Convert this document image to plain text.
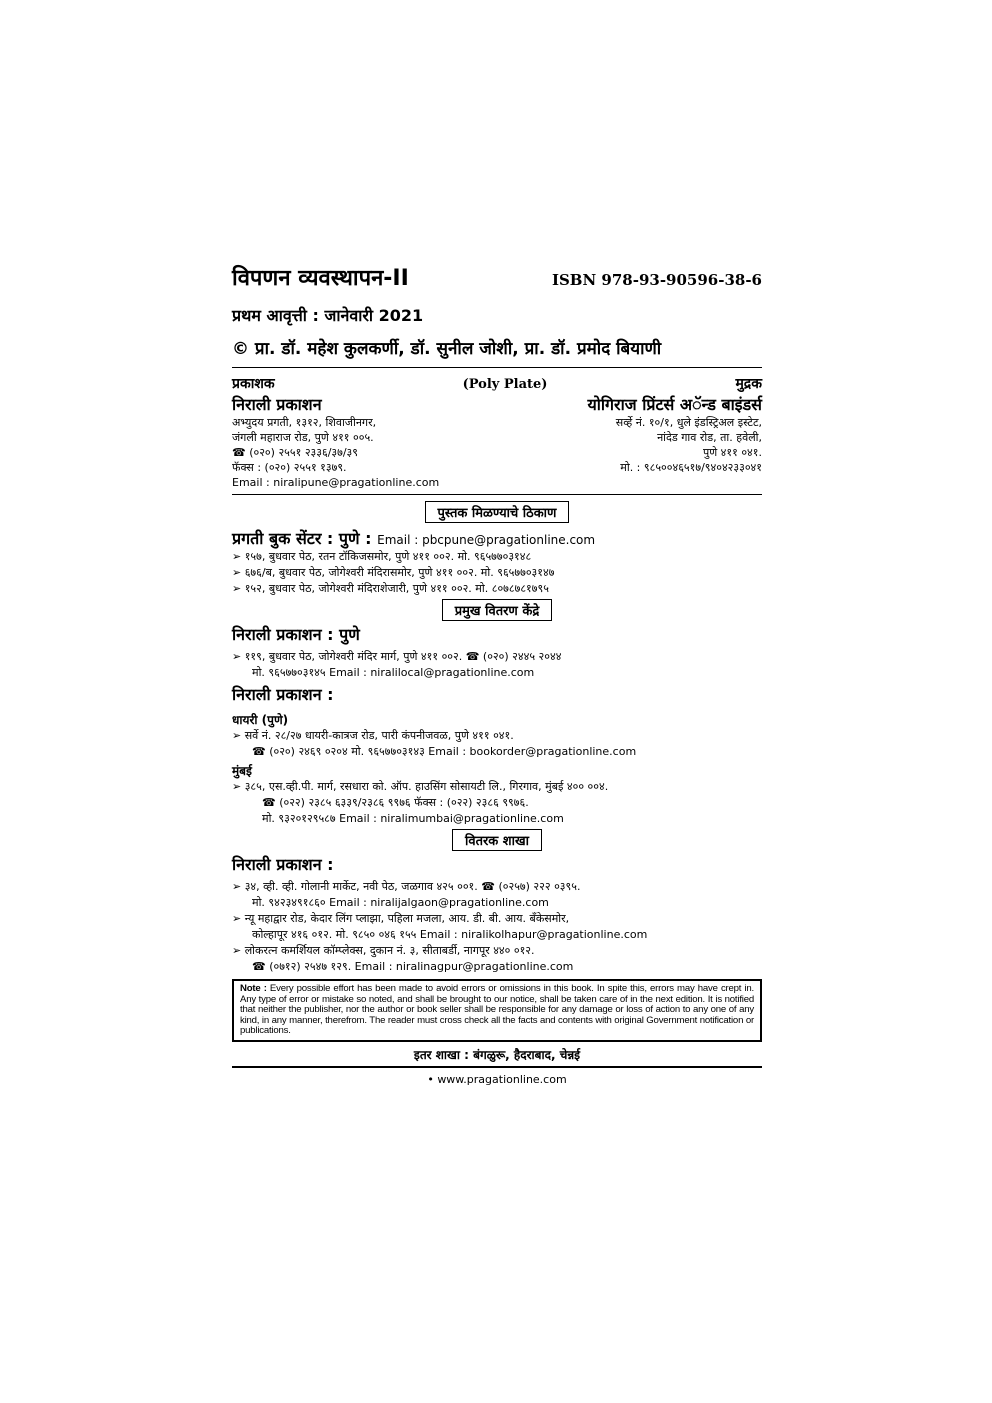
विपणन व्यवस्थापन-II	ISBN 978-93-90596-38-6
प्रथम आवृत्ती : जानेवारी 2021
© प्रा. डॉ. महेश कुलकर्णी, डॉ. सुनील जोशी, प्रा. डॉ. प्रमोद बियाणी
प्रकाशक	(Poly Plate)	मुद्रक
निराली प्रकाशन	योगिराज प्रिंटर्स अॅन्ड बाइंडर्स
अभ्युदय प्रगती, १३१२, शिवाजीनगर,
जंगली महाराज रोड, पुणे ४११ ००५.
☎ (०२०) २५५१ २३३६/३७/३९
फॅक्स : (०२०) २५५१ १३७९.
Email : niralipune@pragationline.com
सर्व्हे नं. १०/१, धुले इंडस्ट्रिअल इस्टेट,
नांदेड गाव रोड, ता. हवेली,
पुणे ४११ ०४१.
मो. : ९८५००४६५१७/९४०४२३३०४१
पुस्तक मिळण्याचे ठिकाण
प्रगती बुक सेंटर : पुणे : Email : pbcpune@pragationline.com
➢ १५७, बुधवार पेठ, रतन टॉकिजसमोर, पुणे ४११ ००२. मो. ९६५७७०३१४८
➢ ६७६/ब, बुधवार पेठ, जोगेश्वरी मंदिरासमोर, पुणे ४११ ००२. मो. ९६५७७०३१४७
➢ १५२, बुधवार पेठ, जोगेश्वरी मंदिराशेजारी, पुणे ४११ ००२. मो. ८०७८७८१७९५
प्रमुख वितरण केंद्रे
निराली प्रकाशन : पुणे
➢ ११९, बुधवार पेठ, जोगेश्वरी मंदिर मार्ग, पुणे ४११ ००२. ☎ (०२०) २४४५ २०४४
मो. ९६५७७०३१४५ Email : niralilocal@pragationline.com
निराली प्रकाशन :
धायरी (पुणे)
➢ सर्वे नं. २८/२७ धायरी-कात्रज रोड, पारी कंपनीजवळ, पुणे ४११ ०४१.
☎ (०२०) २४६९ ०२०४ मो. ९६५७७०३१४३ Email : bookorder@pragationline.com
मुंबई
➢ ३८५, एस.व्ही.पी. मार्ग, रसधारा को. ऑप. हाउसिंग सोसायटी लि., गिरगाव, मुंबई ४०० ००४.
☎ (०२२) २३८५ ६३३९/२३८६ ९९७६ फॅक्स : (०२२) २३८६ ९९७६.
मो. ९३२०१२९५८७ Email : niralimumbai@pragationline.com
वितरक शाखा
निराली प्रकाशन :
➢ ३४, व्ही. व्ही. गोलानी मार्केट, नवी पेठ, जळगाव ४२५ ००१. ☎ (०२५७) २२२ ०३९५.
मो. ९४२३४९१८६० Email : niralijalgaon@pragationline.com
➢ न्यू महाद्वार रोड, केदार लिंग प्लाझा, पहिला मजला, आय. डी. बी. आय. बँकेसमोर,
कोल्हापूर ४१६ ०१२. मो. ९८५० ०४६ १५५ Email : niralikolhapur@pragationline.com
➢ लोकरत्न कमर्शियल कॉम्प्लेक्स, दुकान नं. ३, सीताबर्डी, नागपूर ४४० ०१२.
☎ (०७१२) २५४७ १२९. Email : niralinagpur@pragationline.com
Note : Every possible effort has been made to avoid errors or omissions in this book. In spite this, errors may have crept in. Any type of error or mistake so noted, and shall be brought to our notice, shall be taken care of in the next edition. It is notified that neither the publisher, nor the author or book seller shall be responsible for any damage or loss of action to any one of any kind, in any manner, therefrom. The reader must cross check all the facts and contents with original Government notification or publications.
इतर शाखा : बंगळुरू, हैदराबाद, चेन्नई
• www.pragationline.com
